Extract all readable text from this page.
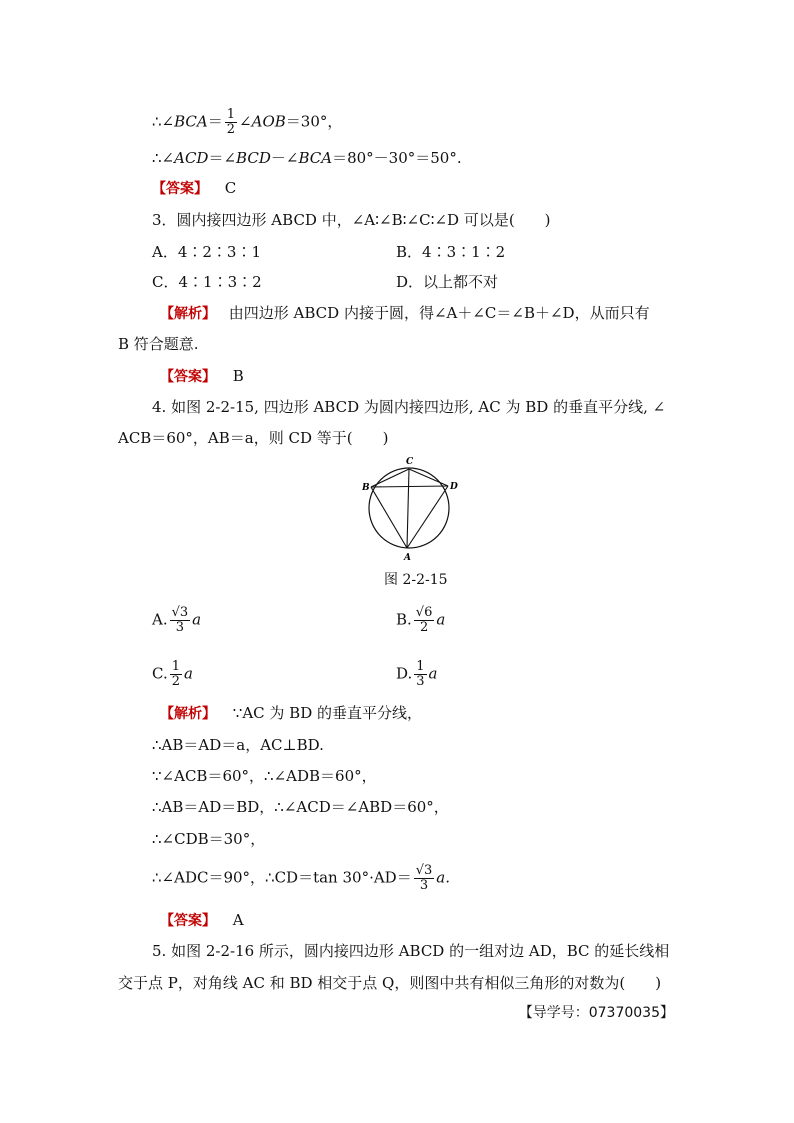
∴∠BCA＝ $\frac{1}{2}$ ∠AOB＝30°，
∴∠ACD＝∠BCD－∠BCA＝80°－30°＝50°.
【答案】 C
3．圆内接四边形 ABCD 中，∠A∶∠B∶∠C∶∠D 可以是(　　)
A．4∶2∶3∶1	B．4∶3∶1∶2
C．4∶1∶3∶2	D．以上都不对
【解析】 由四边形 ABCD 内接于圆，得∠A＋∠C＝∠B＋∠D，从而只有
B 符合题意.
【答案】 B
4. 如图 2-2-15, 四边形 ABCD 为圆内接四边形, AC 为 BD 的垂直平分线, ∠
ACB＝60°，AB＝a，则 CD 等于(　　)
C
B	D
A
图 2-2-15
A. $\frac{√3}{3}$ a	B. $\frac{√6}{2}$ a
C. $\frac{1}{2}$ a	D. $\frac{1}{3}$ a
【解析】 ∵AC 为 BD 的垂直平分线，
∴AB＝AD＝a，AC⊥BD.
∵∠ACB＝60°，∴∠ADB＝60°，
∴AB＝AD＝BD，∴∠ACD＝∠ABD＝60°，
∴∠CDB＝30°，
∴∠ADC＝90°，∴CD＝tan $30^\circ\cdot AD= \frac{√3}{3} a$.
【答案】 A
5. 如图 2-2-16 所示，圆内接四边形 ABCD 的一组对边 AD，BC 的延长线相
交于点 P，对角线 AC 和 BD 相交于点 Q，则图中共有相似三角形的对数为(　　)
【导学号：07370035】
